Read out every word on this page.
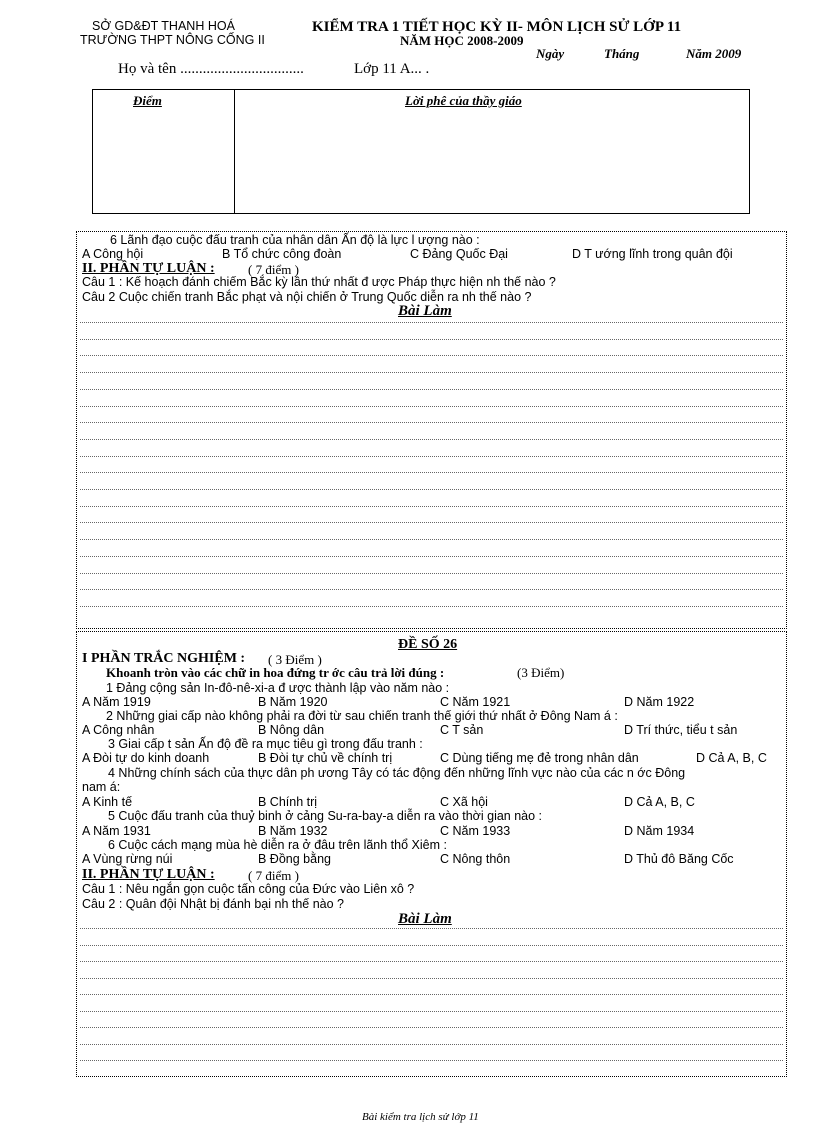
SỞ GD&ĐT THANH HOÁ
TRƯỜNG THPT NÔNG CỐNG II
KIỂM TRA 1 TIẾT HỌC KỲ II- MÔN LỊCH SỬ LỚP 11
NĂM HỌC 2008-2009
Ngày	Tháng	Năm 2009
Họ và tên .................................	Lớp 11 A... .
Điểm	Lời phê của thầy giáo
6 Lãnh đạo cuộc đấu tranh của nhân dân Ấn độ là lực l ượng nào :
A Công hội	B Tổ chức công đoàn	C Đảng Quốc Đại	D T ướng lĩnh trong quân đội
II. PHẦN TỰ LUẬN :	( 7 điểm )
Câu 1 : Kế hoạch đánh chiếm Bắc kỳ lần thứ nhất đ ược Pháp thực hiện nh thế nào ?
Câu 2 Cuộc chiến tranh Bắc phạt và nội chiến ở Trung Quốc diễn ra nh thế nào ?
Bài Làm
ĐỀ SỐ 26
I PHẦN TRẮC NGHIỆM : ( 3 Điểm )
Khoanh tròn vào các chữ in hoa đứng tr ớc câu trả lời đúng :	(3 Điểm)
1 Đảng cộng sản In-đô-nê-xi-a đ ược thành lập vào năm nào :
A Năm 1919	B Năm 1920	C Năm 1921	D Năm 1922
2 Những giai cấp nào không phải ra đời từ sau chiến tranh thế giới thứ nhất ở Đông Nam á :
A Công nhân	B Nông dân	C T sản	D Trí thức, tiểu t sản
3 Giai cấp t sản Ấn độ đề ra mục tiêu gì trong đấu tranh :
A Đòi tự do kinh doanh	B Đòi tự chủ về chính trị	C Dùng tiếng mẹ đẻ trong nhân dân	D Cả A, B, C
4 Những chính sách của thực dân ph ương Tây có tác động đến những lĩnh vực nào của các n ớc Đông
nam á:
A Kinh tế	B Chính trị	C Xã hội	D Cả A, B, C
5 Cuộc đấu tranh của thuỷ binh ở cảng Su-ra-bay-a diễn ra vào thời gian nào :
A Năm 1931	B Năm 1932	C Năm 1933	D Năm 1934
6 Cuộc cách mạng mùa hè diễn ra ở đâu trên lãnh thổ Xiêm :
A Vùng rừng núi	B Đồng bằng	C Nông thôn	D Thủ đô Băng Cốc
II. PHẦN TỰ LUẬN :	( 7 điểm )
Câu 1 : Nêu ngắn gọn cuộc tấn công của Đức vào Liên xô ?
Câu 2 : Quân đội Nhật bị đánh bại nh thế nào ?
Bài Làm
Bài kiểm tra lịch sử lớp 11
